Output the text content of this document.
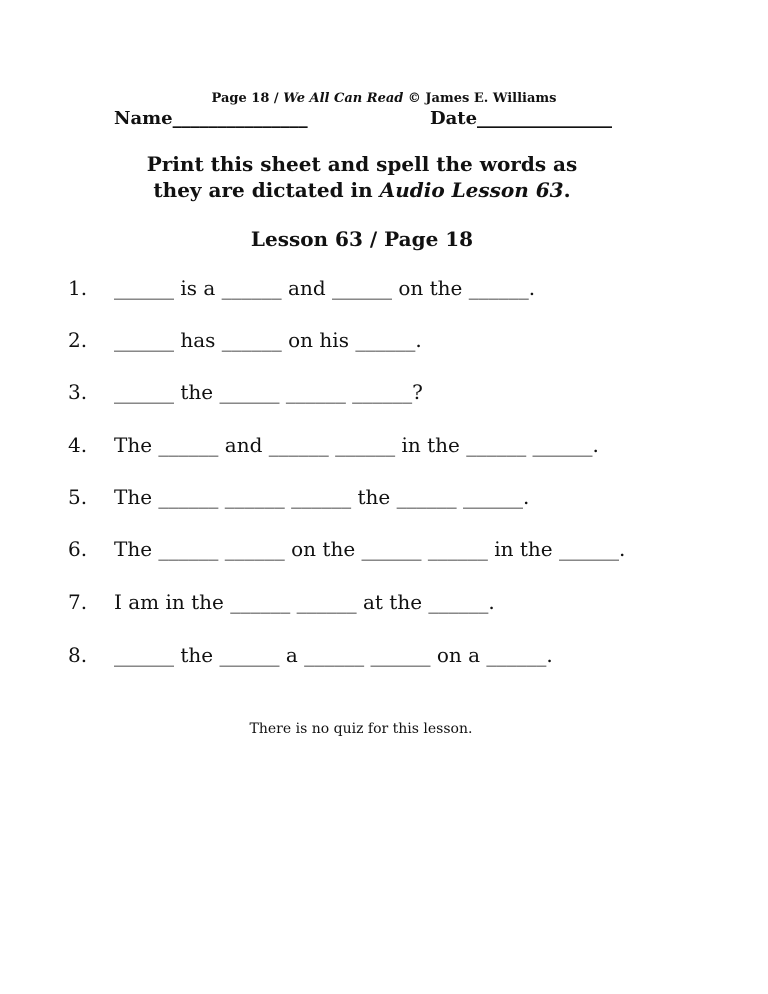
Page 18 / We All Can Read © James E. Williams
Name_______________	Date_______________
Print this sheet and spell the words as
they are dictated in Audio Lesson 63.
Lesson 63 / Page 18
1. ______ is a ______ and ______ on the ______.
2. ______ has ______ on his ______.
3. ______ the ______ ______ ______?
4. The ______ and ______ ______ in the ______ ______.
5. The ______ ______ ______ the ______ ______.
6. The ______ ______ on the ______ ______ in the ______.
7. I am in the ______ ______ at the ______.
8. ______ the ______ a ______ ______ on a ______.
There is no quiz for this lesson.
